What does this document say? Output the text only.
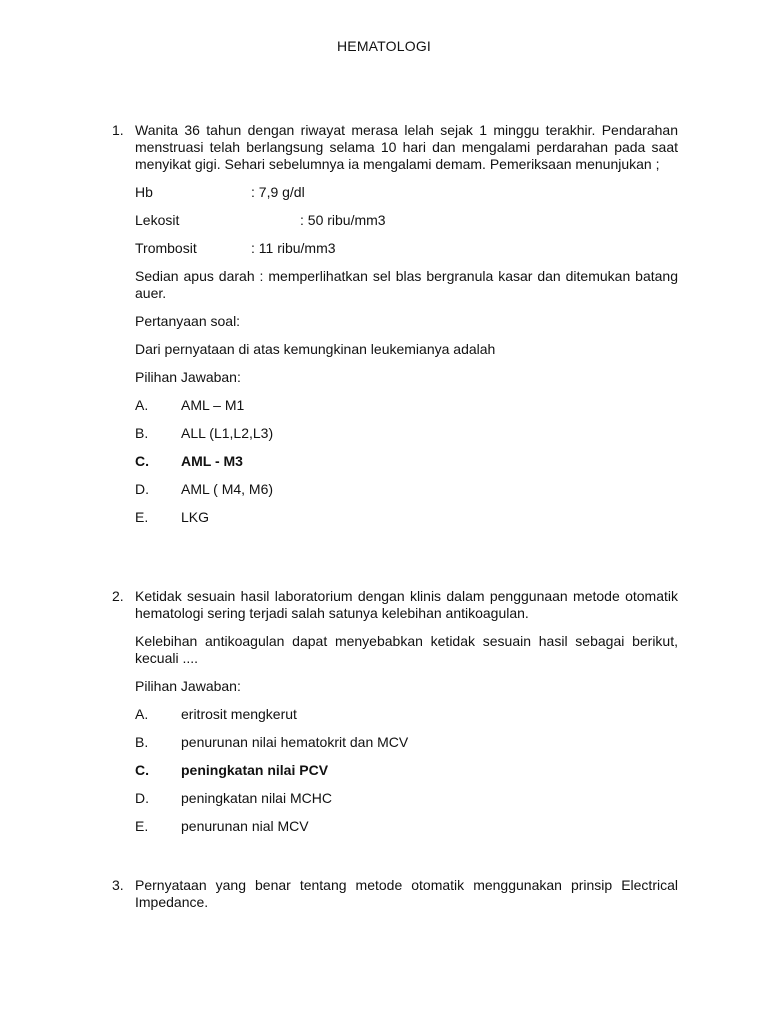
HEMATOLOGI
1. Wanita 36 tahun dengan riwayat merasa lelah sejak 1 minggu terakhir. Pendarahan menstruasi telah berlangsung selama 10 hari dan mengalami perdarahan pada saat menyikat gigi. Sehari sebelumnya ia mengalami demam. Pemeriksaan menunjukan ;

Hb	: 7,9 g/dl
Lekosit	: 50 ribu/mm3
Trombosit	: 11 ribu/mm3

Sedian apus darah : memperlihatkan sel blas bergranula kasar dan ditemukan batang auer.

Pertanyaan soal:

Dari pernyataan di atas kemungkinan leukemianya adalah

Pilihan Jawaban:

A. AML – M1
B. ALL (L1,L2,L3)
C. AML - M3
D. AML ( M4, M6)
E. LKG
2. Ketidak sesuain hasil laboratorium dengan klinis dalam penggunaan metode otomatik hematologi sering terjadi salah satunya kelebihan antikoagulan.

Kelebihan antikoagulan dapat menyebabkan ketidak sesuain hasil sebagai berikut, kecuali ....

Pilihan Jawaban:

A. eritrosit mengkerut
B. penurunan nilai hematokrit dan MCV
C. peningkatan nilai PCV
D. peningkatan nilai MCHC
E. penurunan nial MCV
3. Pernyataan yang benar tentang metode otomatik menggunakan prinsip Electrical Impedance.
